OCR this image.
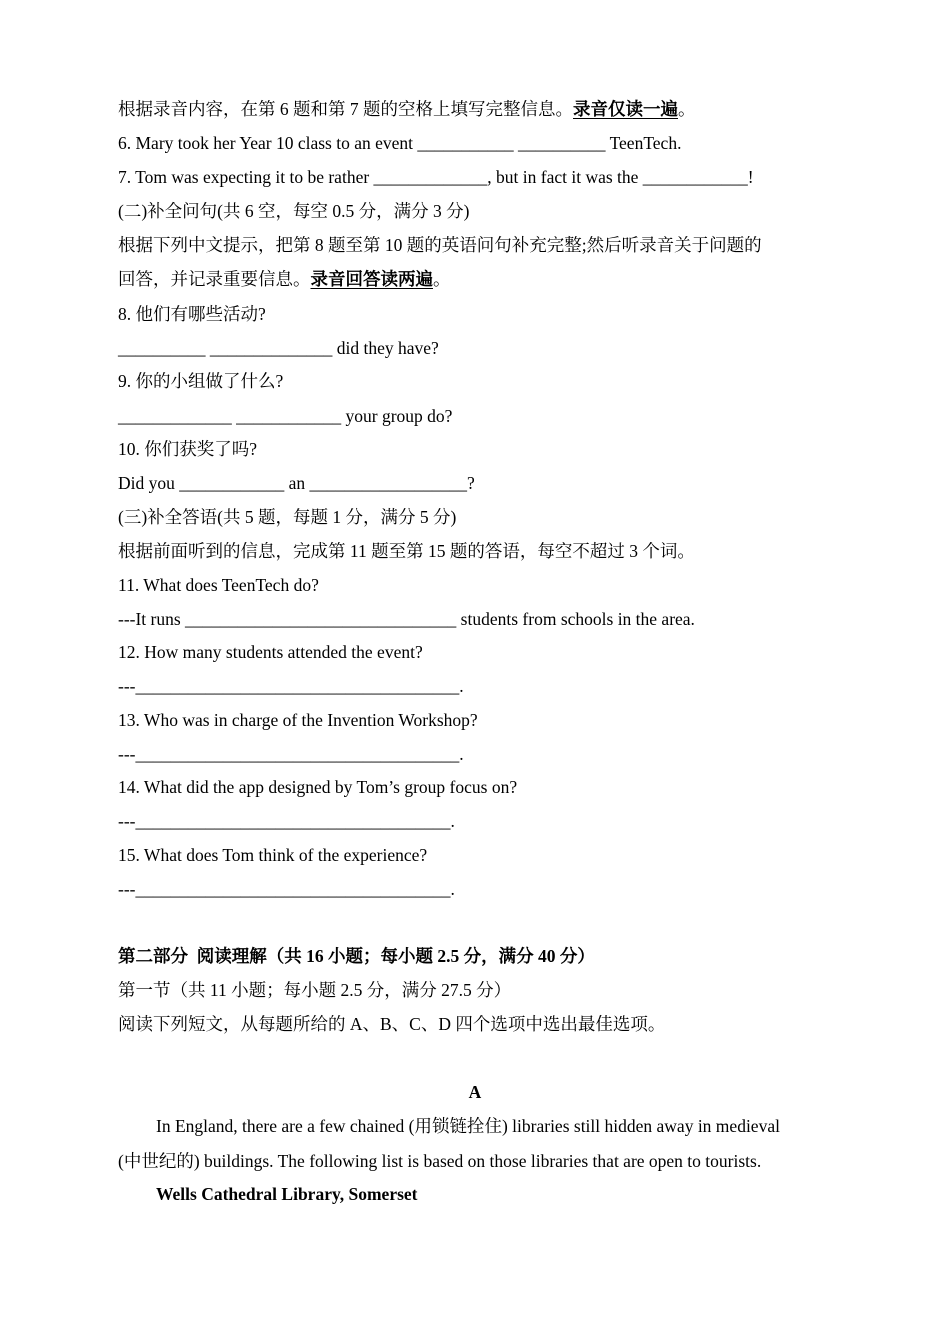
根据录音内容，在第 6 题和第 7 题的空格上填写完整信息。录音仅读一遍。
6. Mary took her Year 10 class to an event ___________ __________ TeenTech.
7. Tom was expecting it to be rather _____________, but in fact it was the ____________!
(二)补全问句(共 6 空，每空 0.5 分，满分 3 分)
根据下列中文提示，把第 8 题至第 10 题的英语问句补充完整;然后听录音关于问题的
回答，并记录重要信息。录音回答读两遍。
8. 他们有哪些活动?
__________ ______________ did they have?
9. 你的小组做了什么?
_____________ ____________ your group do?
10. 你们获奖了吗?
Did you ____________ an __________________?
(三)补全答语(共 5 题，每题 1 分，满分 5 分)
根据前面听到的信息，完成第 11 题至第 15 题的答语，每空不超过 3 个词。
11. What does TeenTech do?
---It runs _______________________________ students from schools in the area.
12. How many students attended the event?
---_____________________________________.
13. Who was in charge of the Invention Workshop?
---_____________________________________.
14. What did the app designed by Tom’s group focus on?
---____________________________________.
15. What does Tom think of the experience?
---____________________________________.
第二部分  阅读理解（共 16 小题；每小题 2.5 分，满分 40 分）
第一节（共 11 小题；每小题 2.5 分，满分 27.5 分）
阅读下列短文，从每题所给的 A、B、C、D 四个选项中选出最佳选项。
A
In England, there are a few chained (用锁链拴住) libraries still hidden away in medieval
(中世纪的) buildings. The following list is based on those libraries that are open to tourists.
Wells Cathedral Library, Somerset
